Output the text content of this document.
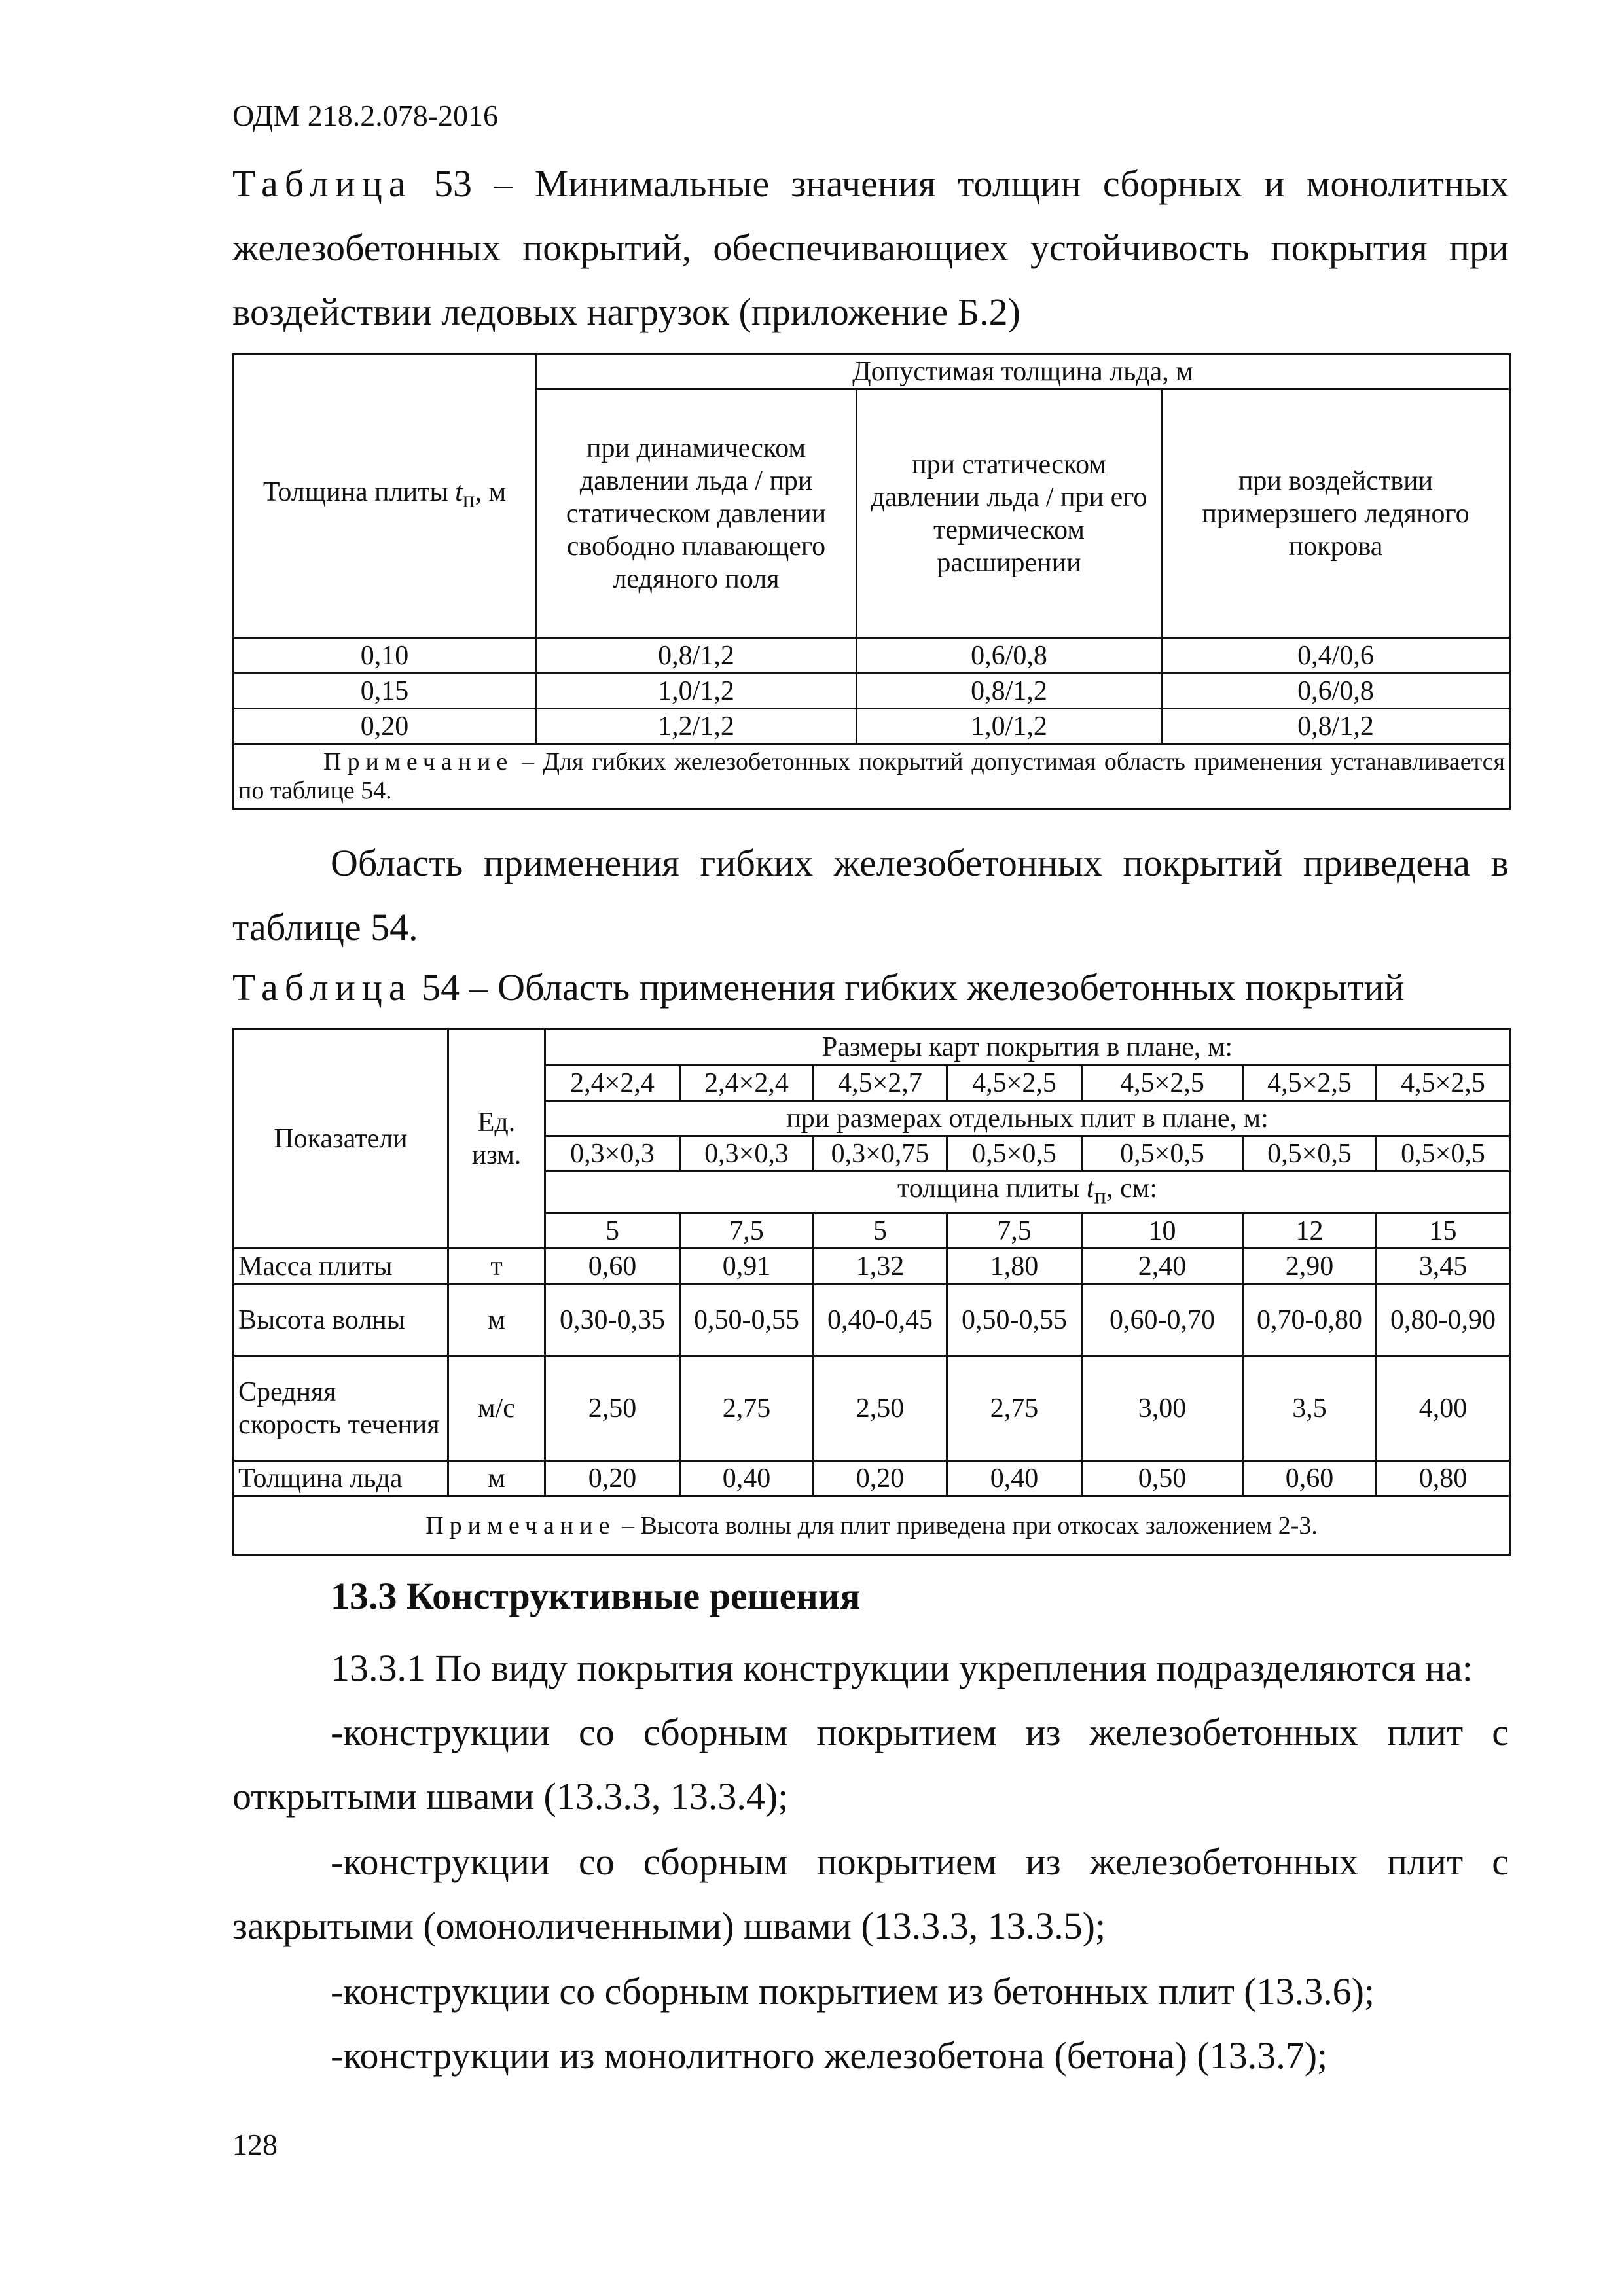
ОДМ 218.2.078-2016
Таблица 53 – Минимальные значения толщин сборных и монолитных железобетонных покрытий, обеспечивающиех устойчивость покрытия при воздействии ледовых нагрузок (приложение Б.2)
Толщина плиты $t_п$, м	Допустимая толщина льда, м		
	при динамическом давлении льда / при статическом давлении свободно плавающего ледяного поля	при статическом давлении льда / при его термическом расширении	при воздействии примерзшего ледяного покрова
0,10	0,8/1,2	0,6/0,8	0,4/0,6
0,15	1,0/1,2	0,8/1,2	0,6/0,8
0,20	1,2/1,2	1,0/1,2	0,8/1,2
Примечание – Для гибких железобетонных покрытий допустимая область применения устанавливается по таблице 54.			
Область применения гибких железобетонных покрытий приведена в таблице 54.
Таблица 54 – Область применения гибких железобетонных покрытий
Показатели	Ед. изм.	Размеры карт покрытия в плане, м:						
		2,4×2,4	2,4×2,4	4,5×2,7	4,5×2,5	4,5×2,5	4,5×2,5	4,5×2,5
		при размерах отдельных плит в плане, м:						
		0,3×0,3	0,3×0,3	0,3×0,75	0,5×0,5	0,5×0,5	0,5×0,5	0,5×0,5
		толщина плиты $t_п$, см:						
		5	7,5	5	7,5	10	12	15
Масса плиты	т	0,60	0,91	1,32	1,80	2,40	2,90	3,45
Высота волны	м	0,30-0,35	0,50-0,55	0,40-0,45	0,50-0,55	0,60-0,70	0,70-0,80	0,80-0,90
Средняя скорость течения	м/с	2,50	2,75	2,50	2,75	3,00	3,5	4,00
Толщина льда	м	0,20	0,40	0,20	0,40	0,50	0,60	0,80
Примечание – Высота волны для плит приведена при откосах заложением 2-3.								
13.3 Конструктивные решения
13.3.1 По виду покрытия конструкции укрепления подразделяются на:
-конструкции со сборным покрытием из железобетонных плит с открытыми швами (13.3.3, 13.3.4);
-конструкции со сборным покрытием из железобетонных плит с закрытыми (омоноличенными) швами (13.3.3, 13.3.5);
-конструкции со сборным покрытием из бетонных плит (13.3.6);
-конструкции из монолитного железобетона (бетона) (13.3.7);
128
